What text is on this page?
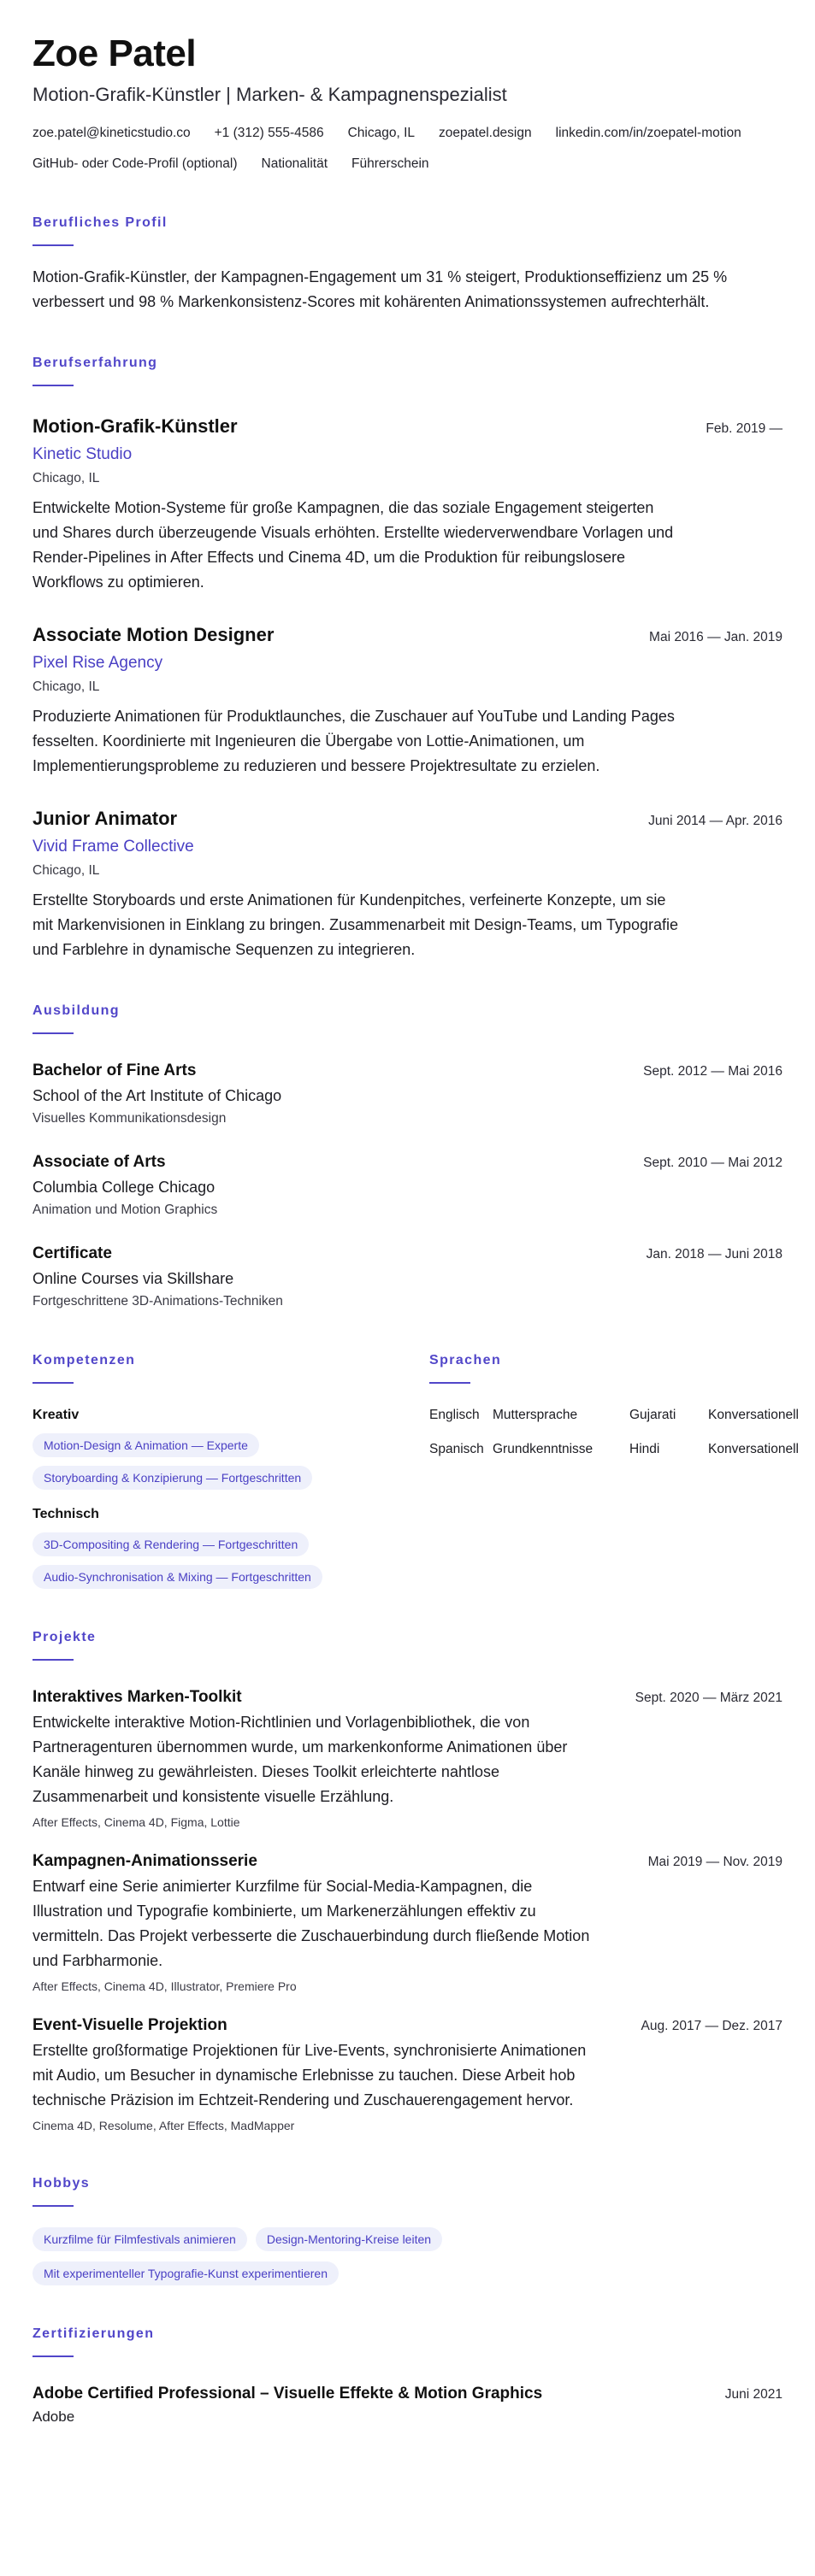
Zoe Patel
Motion-Grafik-Künstler | Marken- & Kampagnenspezialist
zoe.patel@kineticstudio.co +1 (312) 555-4586 Chicago, IL zoepatel.design linkedin.com/in/zoepatel-motion
GitHub- oder Code-Profil (optional) Nationalität Führerschein
Berufliches Profil

Motion-Grafik-Künstler, der Kampagnen-Engagement um 31 % steigert, Produktionseffizienz um 25 % verbessert und 98 % Markenkonsistenz-Scores mit kohärenten Animationssystemen aufrechterhält.

Berufserfahrung
Motion-Grafik-Künstler	Feb. 2019 —
Kinetic Studio
Chicago, IL

Entwickelte Motion-Systeme für große Kampagnen, die das soziale Engagement steigerten und Shares durch überzeugende Visuals erhöhten. Erstellte wiederverwendbare Vorlagen und Render-Pipelines in After Effects und Cinema 4D, um die Produktion für reibungslosere Workflows zu optimieren.

Associate Motion Designer	Mai 2016 — Jan. 2019
Pixel Rise Agency
Chicago, IL

Produzierte Animationen für Produktlaunches, die Zuschauer auf YouTube und Landing Pages fesselten. Koordinierte mit Ingenieuren die Übergabe von Lottie-Animationen, um Implementierungsprobleme zu reduzieren und bessere Projektresultate zu erzielen.

Junior Animator	Juni 2014 — Apr. 2016
Vivid Frame Collective
Chicago, IL

Erstellte Storyboards und erste Animationen für Kundenpitches, verfeinerte Konzepte, um sie mit Markenvisionen in Einklang zu bringen. Zusammenarbeit mit Design-Teams, um Typografie und Farblehre in dynamische Sequenzen zu integrieren.

Ausbildung
Bachelor of Fine Arts	Sept. 2012 — Mai 2016
School of the Art Institute of Chicago
Visuelles Kommunikationsdesign
Associate of Arts	Sept. 2010 — Mai 2012
Columbia College Chicago
Animation und Motion Graphics
Certificate	Jan. 2018 — Juni 2018
Online Courses via Skillshare
Fortgeschrittene 3D-Animations-Techniken
Kompetenzen
Kreativ
Motion-Design & Animation — Experte
Storyboarding & Konzipierung — Fortgeschritten
Technisch
3D-Compositing & Rendering — Fortgeschritten
Audio-Synchronisation & Mixing — Fortgeschritten
Sprachen
Englisch Muttersprache	Gujarati	Konversationell
Spanisch Grundkenntnisse	Hindi	Konversationell
Projekte
Interaktives Marken-Toolkit	Sept. 2020 — März 2021

Entwickelte interaktive Motion-Richtlinien und Vorlagenbibliothek, die von Partneragenturen übernommen wurde, um markenkonforme Animationen über Kanäle hinweg zu gewährleisten. Dieses Toolkit erleichterte nahtlose Zusammenarbeit und konsistente visuelle Erzählung.

After Effects, Cinema 4D, Figma, Lottie
Kampagnen-Animationsserie	Mai 2019 — Nov. 2019

Entwarf eine Serie animierter Kurzfilme für Social-Media-Kampagnen, die Illustration und Typografie kombinierte, um Markenerzählungen effektiv zu vermitteln. Das Projekt verbesserte die Zuschauerbindung durch fließende Motion und Farbharmonie.

After Effects, Cinema 4D, Illustrator, Premiere Pro
Event-Visuelle Projektion	Aug. 2017 — Dez. 2017

Erstellte großformatige Projektionen für Live-Events, synchronisierte Animationen mit Audio, um Besucher in dynamische Erlebnisse zu tauchen. Diese Arbeit hob technische Präzision im Echtzeit-Rendering und Zuschauerengagement hervor.

Cinema 4D, Resolume, After Effects, MadMapper
Hobbys
Kurzfilme für Filmfestivals animieren	Design-Mentoring-Kreise leiten
Mit experimenteller Typografie-Kunst experimentieren
Zertifizierungen
Adobe Certified Professional – Visuelle Effekte & Motion Graphics	Juni 2021
Adobe
